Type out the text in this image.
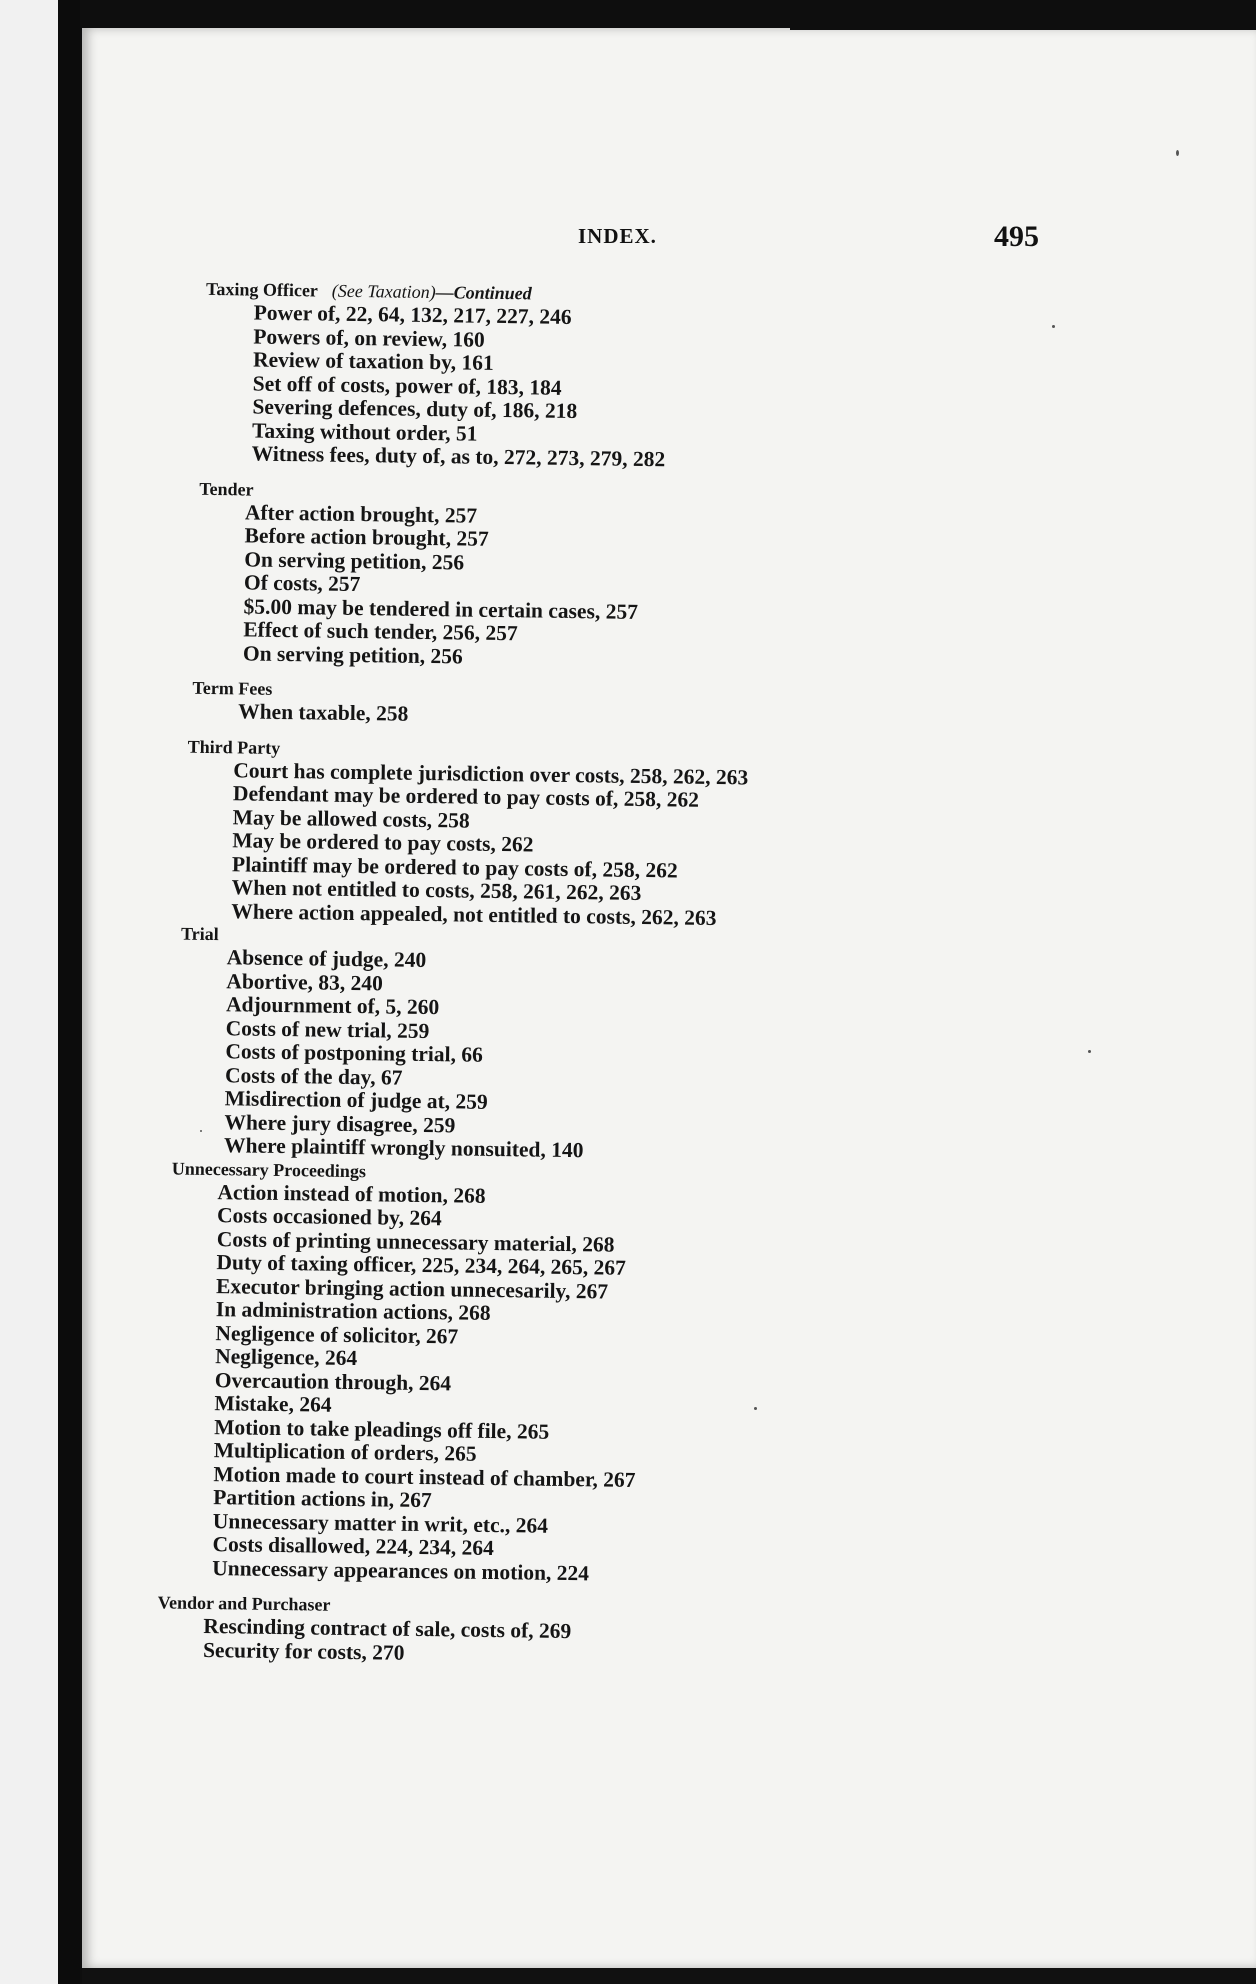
INDEX.	495
Taxing Officer (See Taxation)—Continued
Power of, 22, 64, 132, 217, 227, 246
Powers of, on review, 160
Review of taxation by, 161
Set off of costs, power of, 183, 184
Severing defences, duty of, 186, 218
Taxing without order, 51
Witness fees, duty of, as to, 272, 273, 279, 282
Tender
After action brought, 257
Before action brought, 257
On serving petition, 256
Of costs, 257
$5.00 may be tendered in certain cases, 257
Effect of such tender, 256, 257
On serving petition, 256
Term Fees
When taxable, 258
Third Party
Court has complete jurisdiction over costs, 258, 262, 263
Defendant may be ordered to pay costs of, 258, 262
May be allowed costs, 258
May be ordered to pay costs, 262
Plaintiff may be ordered to pay costs of, 258, 262
When not entitled to costs, 258, 261, 262, 263
Where action appealed, not entitled to costs, 262, 263
Trial
Absence of judge, 240
Abortive, 83, 240
Adjournment of, 5, 260
Costs of new trial, 259
Costs of postponing trial, 66
Costs of the day, 67
Misdirection of judge at, 259
Where jury disagree, 259
Where plaintiff wrongly nonsuited, 140
Unnecessary Proceedings
Action instead of motion, 268
Costs occasioned by, 264
Costs of printing unnecessary material, 268
Duty of taxing officer, 225, 234, 264, 265, 267
Executor bringing action unnecesarily, 267
In administration actions, 268
Negligence of solicitor, 267
Negligence, 264
Overcaution through, 264
Mistake, 264
Motion to take pleadings off file, 265
Multiplication of orders, 265
Motion made to court instead of chamber, 267
Partition actions in, 267
Unnecessary matter in writ, etc., 264
Costs disallowed, 224, 234, 264
Unnecessary appearances on motion, 224
Vendor and Purchaser
Rescinding contract of sale, costs of, 269
Security for costs, 270
